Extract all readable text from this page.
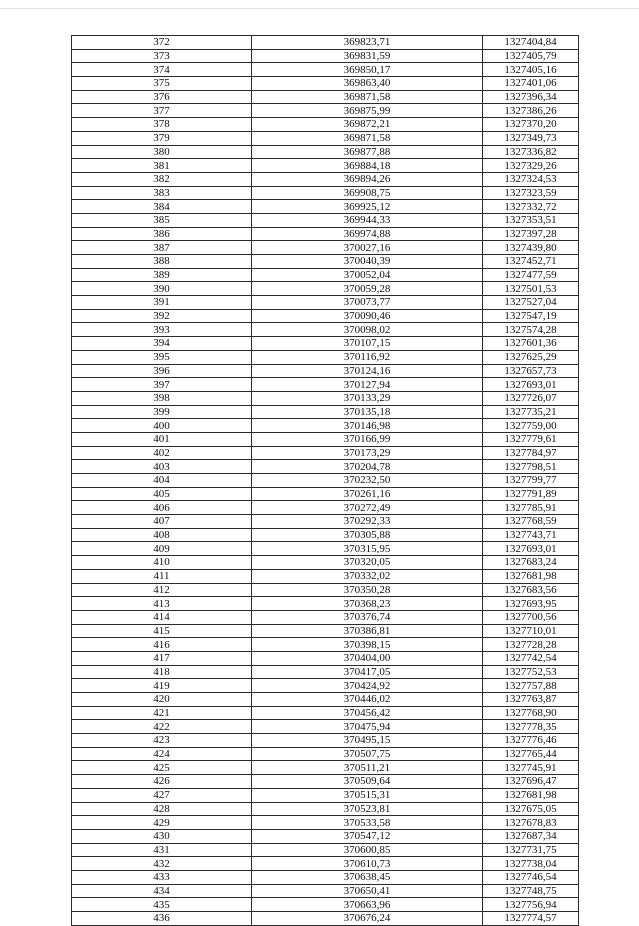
372	369823,71	1327404,84
373	369831,59	1327405,79
374	369850,17	1327405,16
375	369863,40	1327401,06
376	369871,58	1327396,34
377	369875,99	1327386,26
378	369872,21	1327370,20
379	369871,58	1327349,73
380	369877,88	1327336,82
381	369884,18	1327329,26
382	369894,26	1327324,53
383	369908,75	1327323,59
384	369925,12	1327332,72
385	369944,33	1327353,51
386	369974,88	1327397,28
387	370027,16	1327439,80
388	370040,39	1327452,71
389	370052,04	1327477,59
390	370059,28	1327501,53
391	370073,77	1327527,04
392	370090,46	1327547,19
393	370098,02	1327574,28
394	370107,15	1327601,36
395	370116,92	1327625,29
396	370124,16	1327657,73
397	370127,94	1327693,01
398	370133,29	1327726,07
399	370135,18	1327735,21
400	370146,98	1327759,00
401	370166,99	1327779,61
402	370173,29	1327784,97
403	370204,78	1327798,51
404	370232,50	1327799,77
405	370261,16	1327791,89
406	370272,49	1327785,91
407	370292,33	1327768,59
408	370305,88	1327743,71
409	370315,95	1327693,01
410	370320,05	1327683,24
411	370332,02	1327681,98
412	370350,28	1327683,56
413	370368,23	1327693,95
414	370376,74	1327700,56
415	370386,81	1327710,01
416	370398,15	1327728,28
417	370404,00	1327742,54
418	370417,05	1327752,53
419	370424,92	1327757,88
420	370446,02	1327763,87
421	370456,42	1327768,90
422	370475,94	1327778,35
423	370495,15	1327776,46
424	370507,75	1327765,44
425	370511,21	1327745,91
426	370509,64	1327696,47
427	370515,31	1327681,98
428	370523,81	1327675,05
429	370533,58	1327678,83
430	370547,12	1327687,34
431	370600,85	1327731,75
432	370610,73	1327738,04
433	370638,45	1327746,54
434	370650,41	1327748,75
435	370663,96	1327756,94
436	370676,24	1327774,57
